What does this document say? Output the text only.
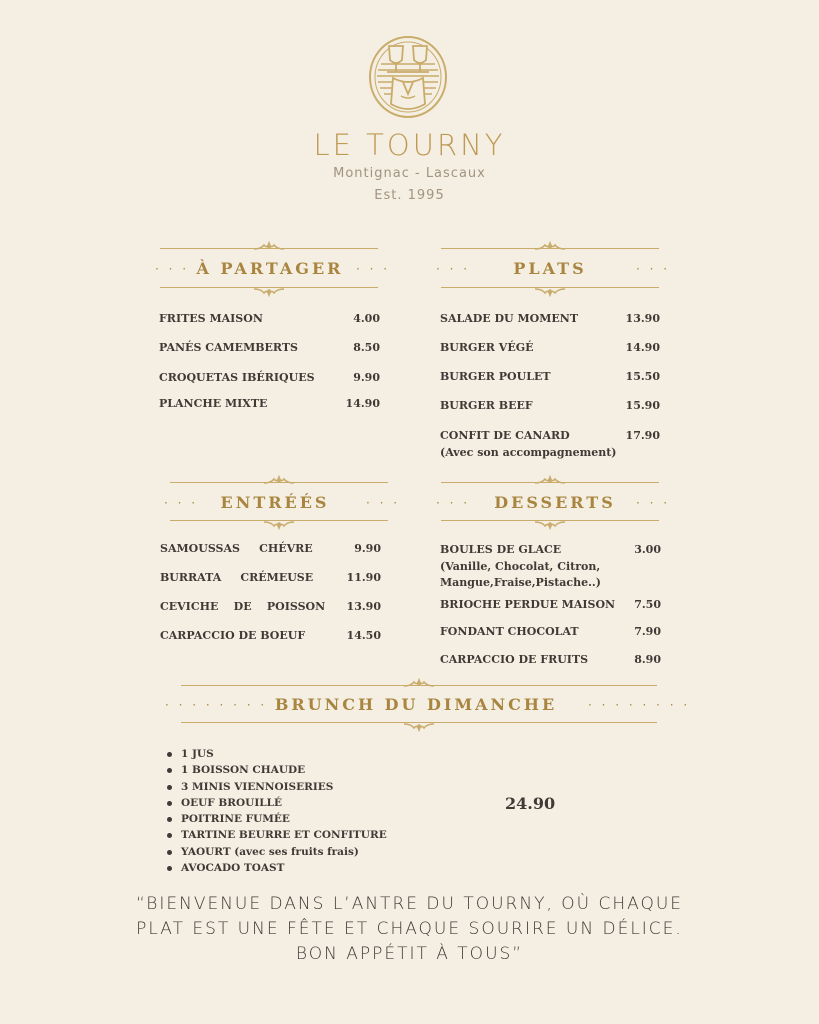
LE TOURNY
Montignac - Lascaux
Est. 1995
· · · À PARTAGER	· · ·
FRITES MAISON	4.00
PANÉS CAMEMBERTS	8.50
CROQUETAS IBÉRIQUES	9.90
PLANCHE MIXTE	14.90
· · ·	PLATS	· · ·
SALADE DU MOMENT	13.90
BURGER VÉGÉ	14.90
BURGER POULET	15.50
BURGER BEEF	15.90
CONFIT DE CANARD	17.90
(Avec son accompagnement)
· · ·	ENTRÉÉS	· · ·
SAMOUSSAS     CHÉVRE	9.90
BURRATA     CRÉMEUSE	11.90
CEVICHE    DE    POISSON	13.90
CARPACCIO DE BOEUF	14.50
· · ·	DESSERTS	· · ·
BOULES DE GLACE	3.00
(Vanille, Chocolat, Citron,
Mangue,Fraise,Pistache..)
BRIOCHE PERDUE MAISON	7.50
FONDANT CHOCOLAT	7.90
CARPACCIO DE FRUITS	8.90
· · · · · · · · BRUNCH DU DIMANCHE	· · · · · · · ·
1 JUS
1 BOISSON CHAUDE
3 MINIS VIENNOISERIES
OEUF BROUILLÉ
POITRINE FUMÉE
TARTINE BEURRE ET CONFITURE
YAOURT (avec ses fruits frais)
AVOCADO TOAST
24.90
“BIENVENUE DANS L’ANTRE DU TOURNY, OÙ CHAQUE
PLAT EST UNE FÊTE ET CHAQUE SOURIRE UN DÉLICE.
BON APPÉTIT À TOUS”
